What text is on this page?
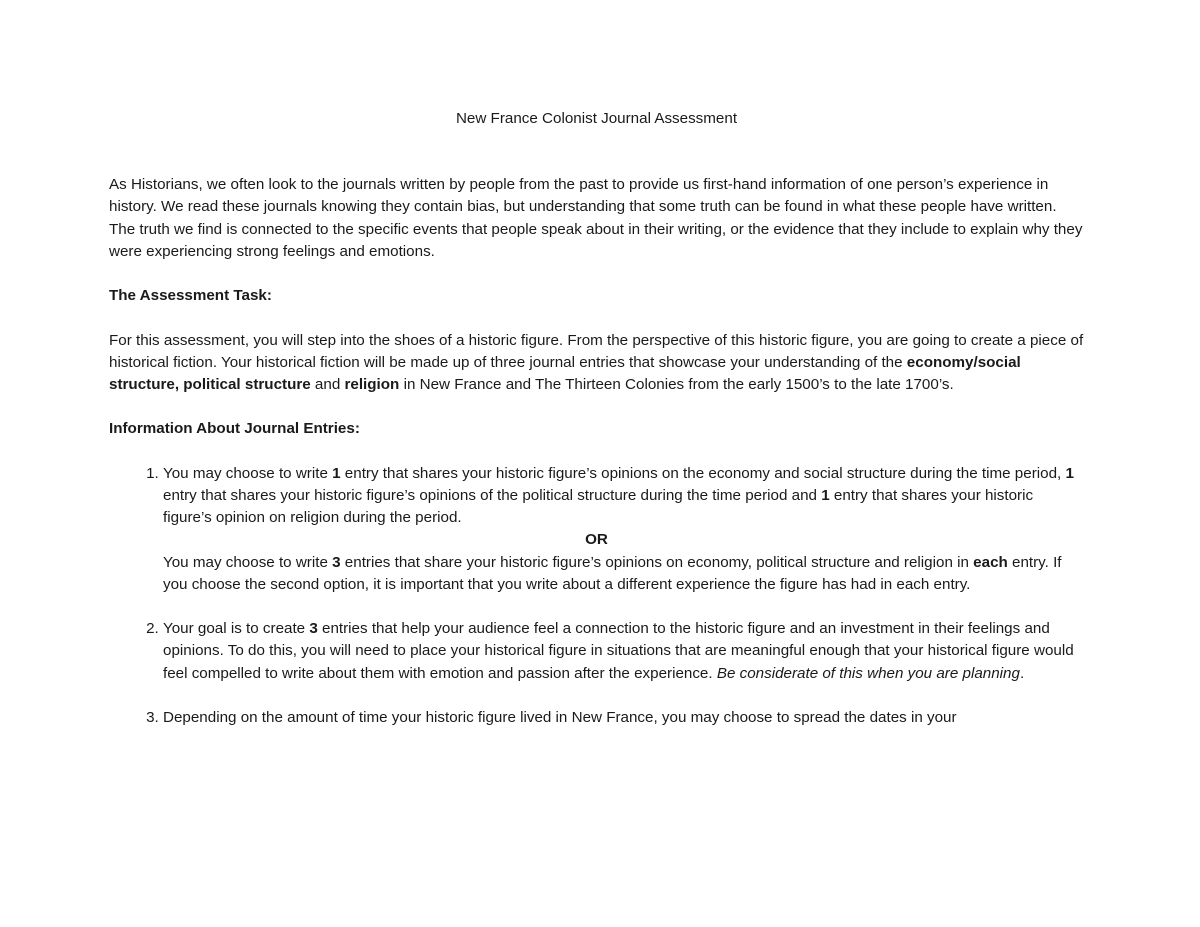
New France Colonist Journal Assessment

As Historians, we often look to the journals written by people from the past to provide us first-hand information of one person’s experience in history. We read these journals knowing they contain bias, but understanding that some truth can be found in what these people have written. The truth we find is connected to the specific events that people speak about in their writing, or the evidence that they include to explain why they were experiencing strong feelings and emotions.

The Assessment Task:

For this assessment, you will step into the shoes of a historic figure. From the perspective of this historic figure, you are going to create a piece of historical fiction. Your historical fiction will be made up of three journal entries that showcase your understanding of the economy/social structure, political structure and religion in New France and The Thirteen Colonies from the early 1500’s to the late 1700’s.

Information About Journal Entries:
1. You may choose to write 1 entry that shares your historic figure’s opinions on the economy and social structure during the time period, 1 entry that shares your historic figure’s opinions of the political structure during the time period and 1 entry that shares your historic figure’s opinion on religion during the period.
OR
You may choose to write 3 entries that share your historic figure’s opinions on economy, political structure and religion in each entry. If you choose the second option, it is important that you write about a different experience the figure has had in each entry.
2. Your goal is to create 3 entries that help your audience feel a connection to the historic figure and an investment in their feelings and opinions. To do this, you will need to place your historical figure in situations that are meaningful enough that your historical figure would feel compelled to write about them with emotion and passion after the experience. Be considerate of this when you are planning.
3. Depending on the amount of time your historic figure lived in New France, you may choose to spread the dates in your
